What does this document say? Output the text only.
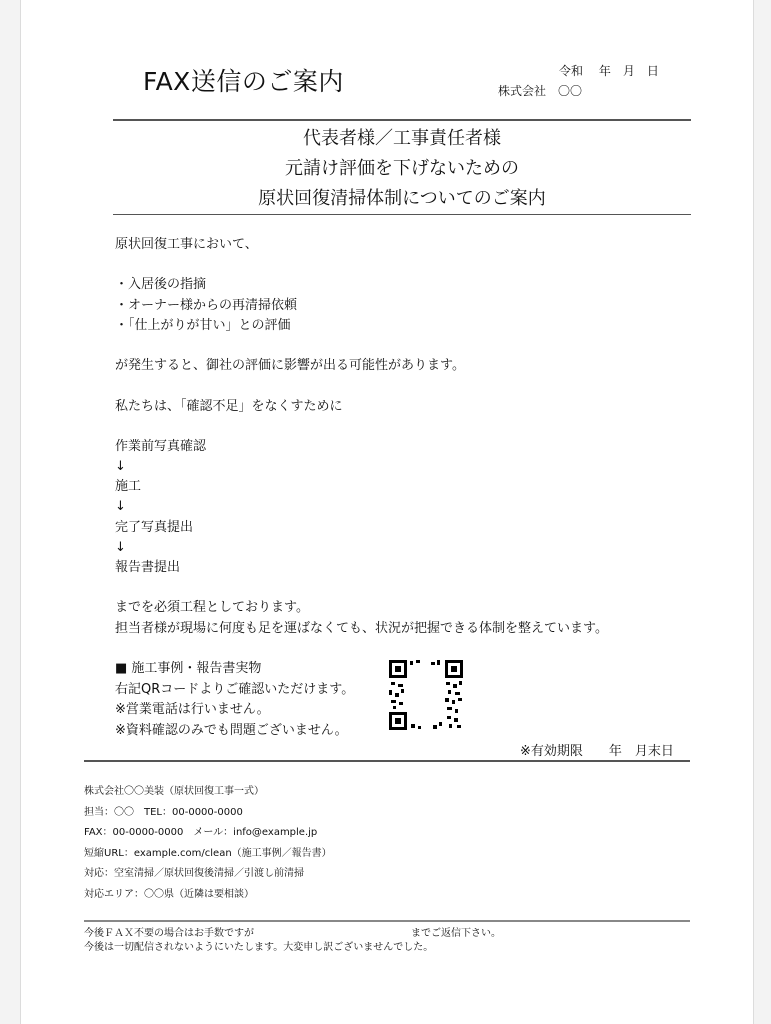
FAX送信のご案内	令和　 年　月　日
株式会社　〇〇
代表者様／工事責任者様
元請け評価を下げないための
原状回復清掃体制についてのご案内
原状回復工事において、
・入居後の指摘
・オーナー様からの再清掃依頼
・「仕上がりが甘い」との評価
が発生すると、御社の評価に影響が出る可能性があります。
私たちは、「確認不足」をなくすために
作業前写真確認
↓
施工
↓
完了写真提出
↓
報告書提出
までを必須工程としております。
担当者様が現場に何度も足を運ばなくても、状況が把握できる体制を整えています。
■ 施工事例・報告書実物
右記QRコードよりご確認いただけます。
※営業電話は行いません。
※資料確認のみでも問題ございません。
※有効期限　　年　月末日
株式会社〇〇美装（原状回復工事一式）
担当：〇〇　TEL：00-0000-0000
FAX：00-0000-0000　メール：info@example.jp
短縮URL：example.com/clean（施工事例／報告書）
対応：空室清掃／原状回復後清掃／引渡し前清掃
対応エリア：〇〇県（近隣は要相談）
今後ＦＡＸ不要の場合はお手数ですが	までご返信下さい。
今後は一切配信されないようにいたします。大変申し訳ございませんでした。
